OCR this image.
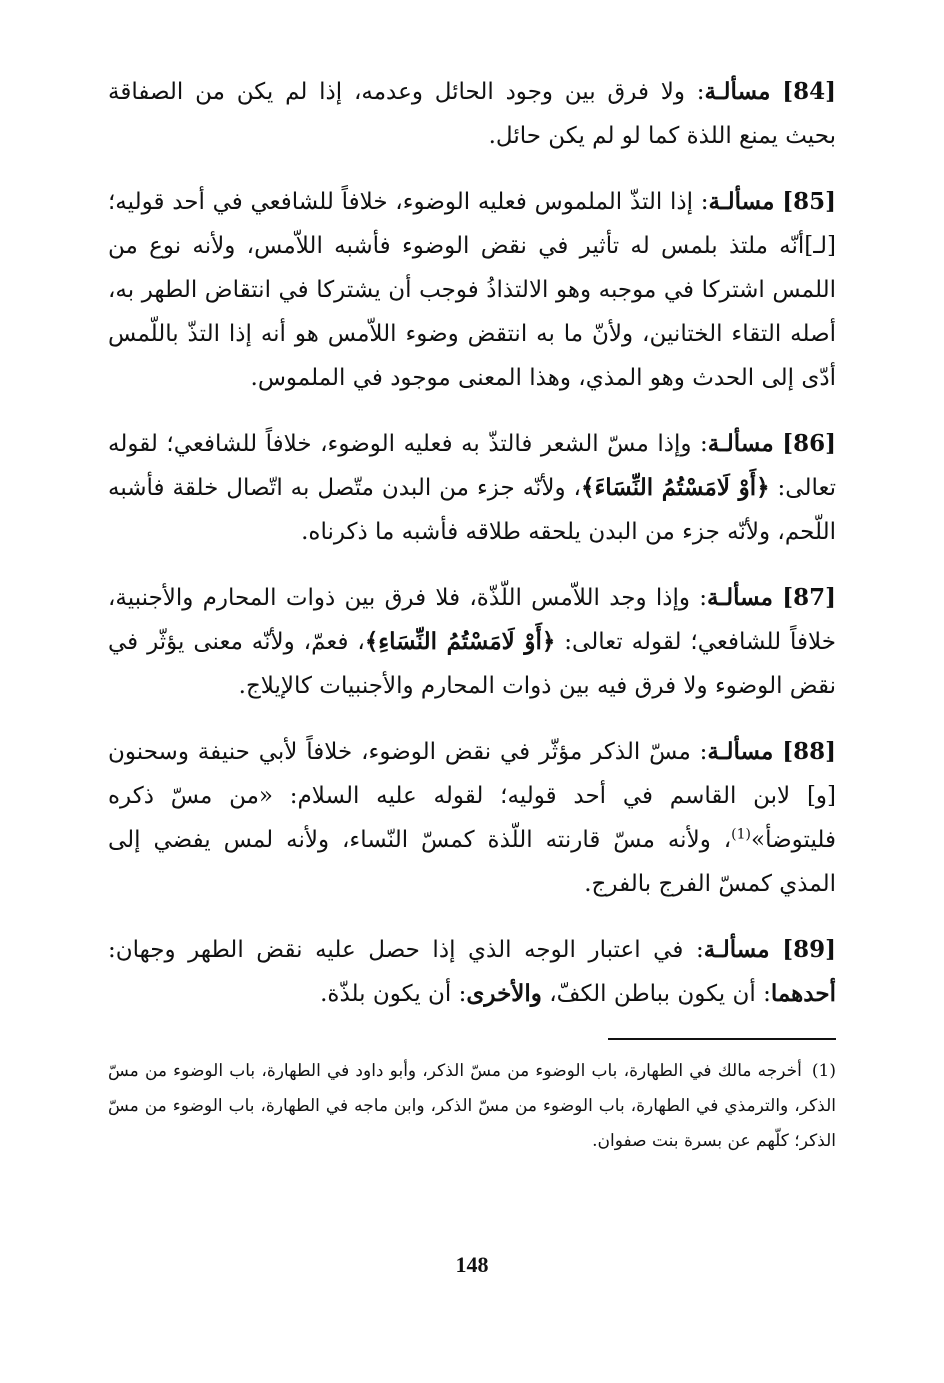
[84] مسألـة: ولا فرق بين وجود الحائل وعدمه، إذا لم يكن من الصفاقة بحيث يمنع اللذة كما لو لم يكن حائل.

[85] مسألـة: إذا التذّ الملموس فعليه الوضوء، خلافاً للشافعي في أحد قوليه؛ [لـ]أنّه ملتذ بلمس له تأثير في نقض الوضوء فأشبه اللاّمس، ولأنه نوع من اللمس اشتركا في موجبه وهو الالتذاذُ فوجب أن يشتركا في انتقاض الطهر به، أصله التقاء الختانين، ولأنّ ما به انتقض وضوء اللاّمس هو أنه إذا التذّ باللّمس أدّى إلى الحدث وهو المذي، وهذا المعنى موجود في الملموس.

[86] مسألـة: وإذا مسّ الشعر فالتذّ به فعليه الوضوء، خلافاً للشافعي؛ لقوله تعالى: ﴿أَوْ لَامَسْتُمُ النِّسَاءَ﴾، ولأنّه جزء من البدن متّصل به اتّصال خلقة فأشبه اللّحم، ولأنّه جزء من البدن يلحقه طلاقه فأشبه ما ذكرناه.

[87] مسألـة: وإذا وجد اللاّمس اللّذّة، فلا فرق بين ذوات المحارم والأجنبية، خلافاً للشافعي؛ لقوله تعالى: ﴿أَوْ لَامَسْتُمُ النِّسَاءِ﴾، فعمّ، ولأنّه معنى يؤثّر في نقض الوضوء ولا فرق فيه بين ذوات المحارم والأجنبيات كالإيلاج.

[88] مسألـة: مسّ الذكر مؤثّر في نقض الوضوء، خلافاً لأبي حنيفة وسحنون [و] لابن القاسم في أحد قوليه؛ لقوله عليه السلام: «من مسّ ذكره فليتوضأ»$^{(1)}$، ولأنه مسّ قارنته اللّذة كمسّ النّساء، ولأنه لمس يفضي إلى المذي كمسّ الفرج بالفرج.

[89] مسألـة: في اعتبار الوجه الذي إذا حصل عليه نقض الطهر وجهان: أحدهما: أن يكون بباطن الكفّ، والأخرى: أن يكون بلذّة.

(1)أخرجه مالك في الطهارة، باب الوضوء من مسّ الذكر، وأبو داود في الطهارة، باب الوضوء من مسّ الذكر، والترمذي في الطهارة، باب الوضوء من مسّ الذكر، وابن ماجه في الطهارة، باب الوضوء من مسّ الذكر؛ كلّهم عن بسرة بنت صفوان.
148
